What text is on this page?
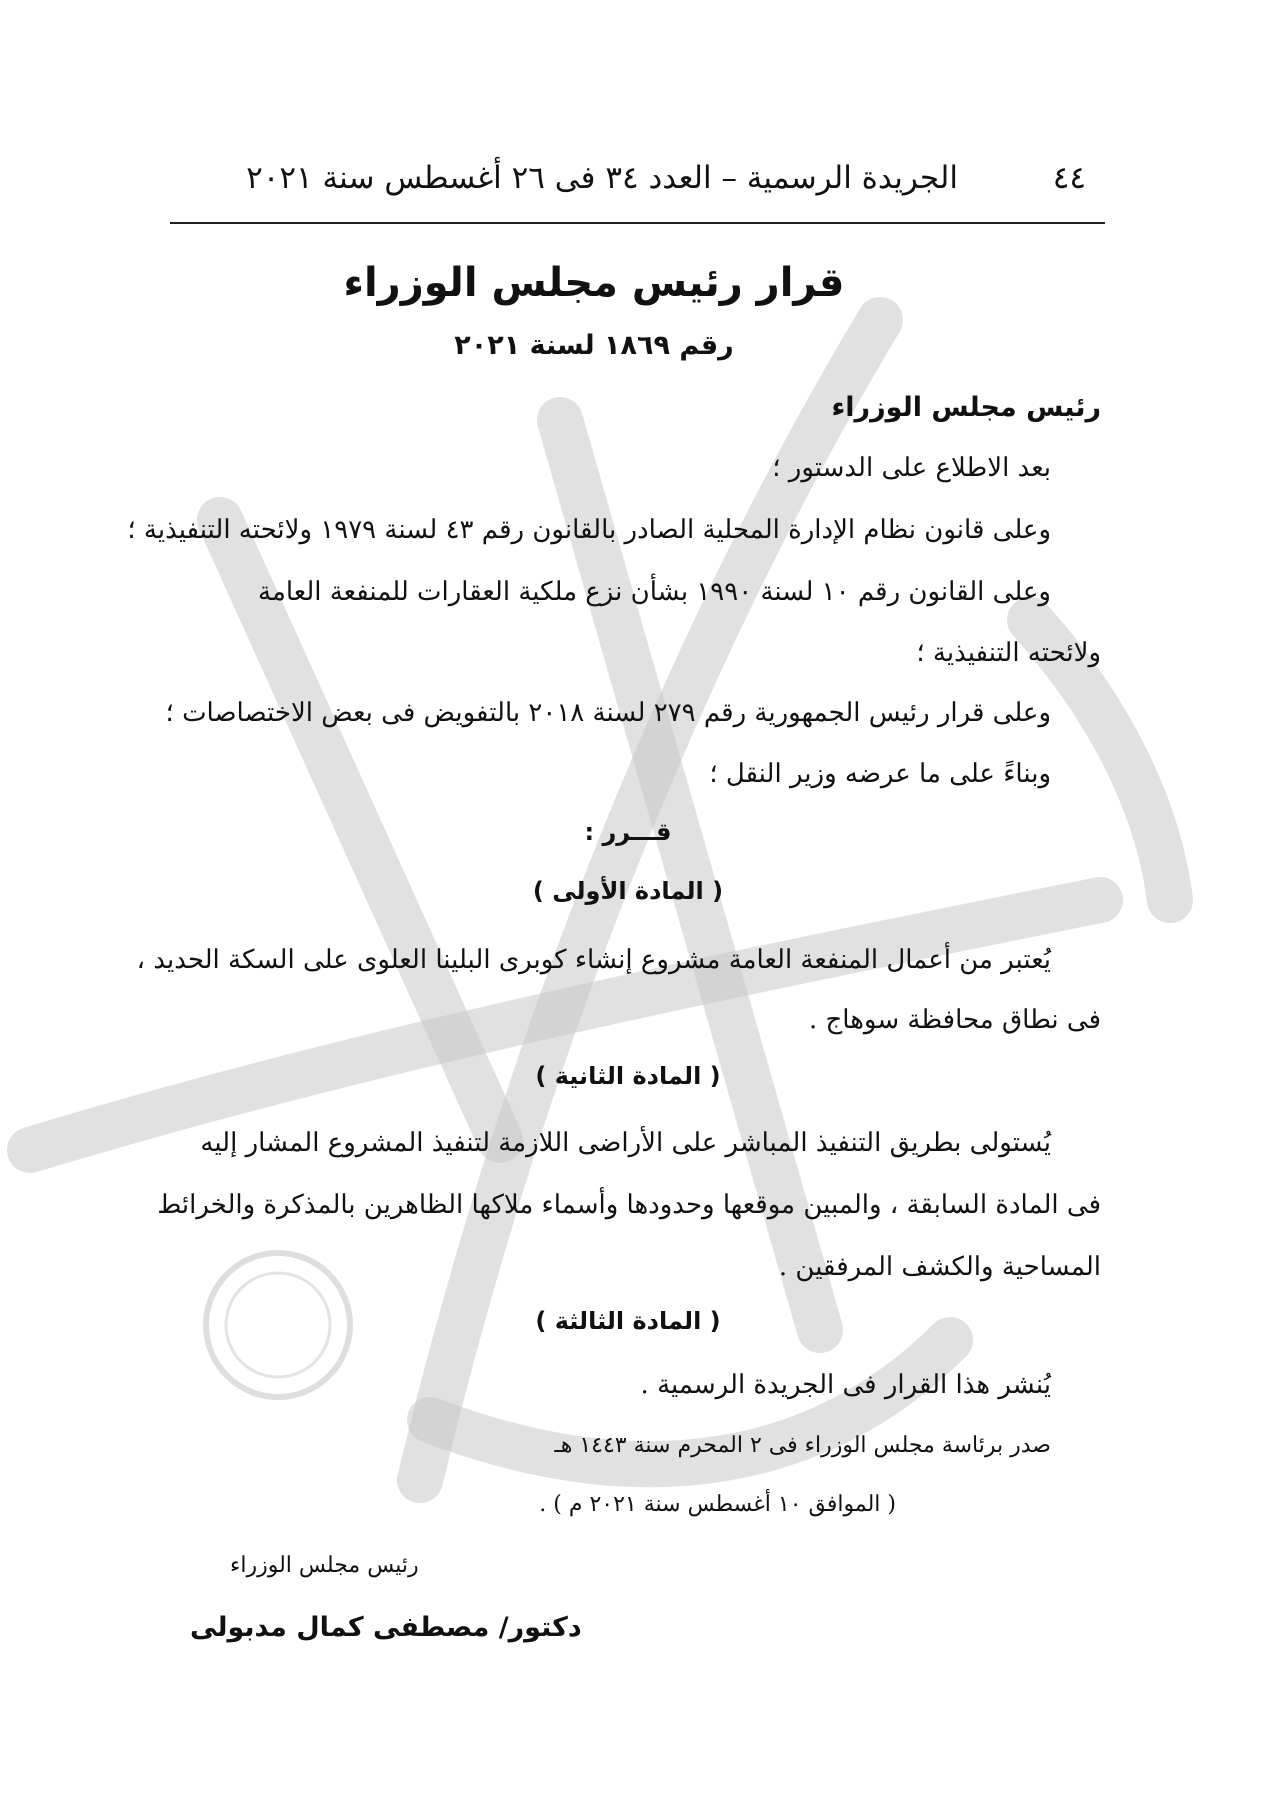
٤٤
الجريدة الرسمية – العدد ٣٤ فى ٢٦ أغسطس سنة ٢٠٢١
قرار رئيس مجلس الوزراء
رقم ١٨٦٩ لسنة ٢٠٢١
رئيس مجلس الوزراء
بعد الاطلاع على الدستور ؛
وعلى قانون نظام الإدارة المحلية الصادر بالقانون رقم ٤٣ لسنة ١٩٧٩ ولائحته التنفيذية ؛
وعلى القانون رقم ١٠ لسنة ١٩٩٠ بشأن نزع ملكية العقارات للمنفعة العامة
ولائحته التنفيذية ؛
وعلى قرار رئيس الجمهورية رقم ٢٧٩ لسنة ٢٠١٨ بالتفويض فى بعض الاختصاصات ؛
وبناءً على ما عرضه وزير النقل ؛
قـــرر :
( المادة الأولى )
يُعتبر من أعمال المنفعة العامة مشروع إنشاء كوبرى البلينا العلوى على السكة الحديد ،
فى نطاق محافظة سوهاج .
( المادة الثانية )
يُستولى بطريق التنفيذ المباشر على الأراضى اللازمة لتنفيذ المشروع المشار إليه
فى المادة السابقة ، والمبين موقعها وحدودها وأسماء ملاكها الظاهرين بالمذكرة والخرائط
المساحية والكشف المرفقين .
( المادة الثالثة )
يُنشر هذا القرار فى الجريدة الرسمية .
صدر برئاسة مجلس الوزراء فى ٢ المحرم سنة ١٤٤٣ هـ
( الموافق ١٠ أغسطس سنة ٢٠٢١ م ) .
رئيس مجلس الوزراء
دكتور/ مصطفى كمال مدبولى
